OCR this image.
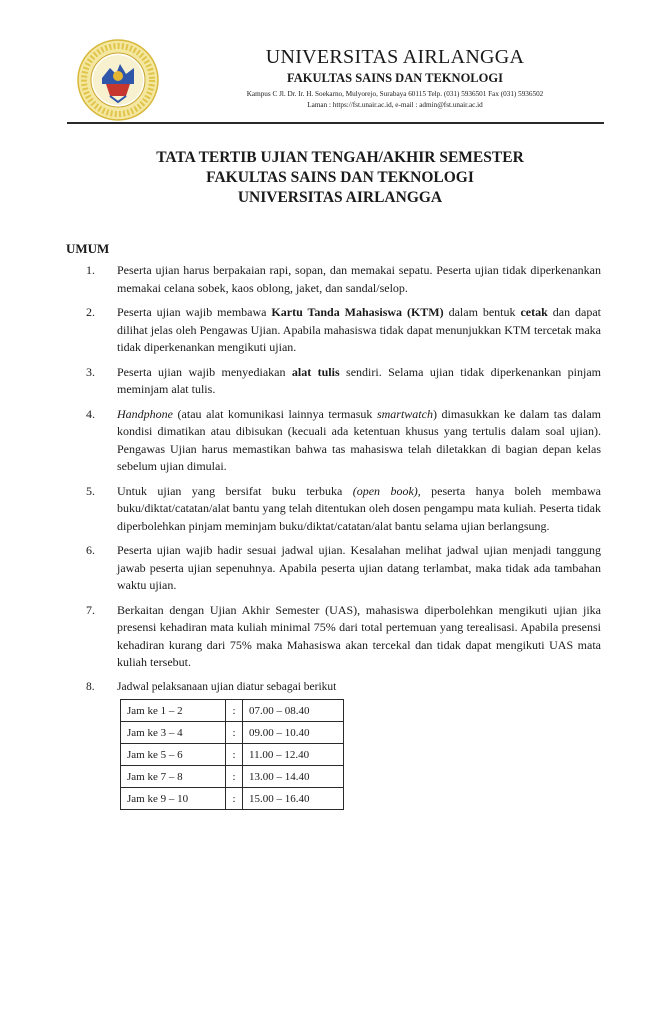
UNIVERSITAS AIRLANGGA
FAKULTAS SAINS DAN TEKNOLOGI
Kampus C Jl. Dr. Ir. H. Soekarno, Mulyorejo, Surabaya 60115 Telp. (031) 5936501 Fax (031) 5936502
Laman : https://fst.unair.ac.id, e-mail : admin@fst.unair.ac.id
TATA TERTIB UJIAN TENGAH/AKHIR SEMESTER
FAKULTAS SAINS DAN TEKNOLOGI
UNIVERSITAS AIRLANGGA
UMUM
1. Peserta ujian harus berpakaian rapi, sopan, dan memakai sepatu. Peserta ujian tidak diperkenankan memakai celana sobek, kaos oblong, jaket, dan sandal/selop.
2. Peserta ujian wajib membawa Kartu Tanda Mahasiswa (KTM) dalam bentuk cetak dan dapat dilihat jelas oleh Pengawas Ujian. Apabila mahasiswa tidak dapat menunjukkan KTM tercetak maka tidak diperkenankan mengikuti ujian.
3. Peserta ujian wajib menyediakan alat tulis sendiri. Selama ujian tidak diperkenankan pinjam meminjam alat tulis.
4. Handphone (atau alat komunikasi lainnya termasuk smartwatch) dimasukkan ke dalam tas dalam kondisi dimatikan atau dibisukan (kecuali ada ketentuan khusus yang tertulis dalam soal ujian). Pengawas Ujian harus memastikan bahwa tas mahasiswa telah diletakkan di bagian depan kelas sebelum ujian dimulai.
5. Untuk ujian yang bersifat buku terbuka (open book), peserta hanya boleh membawa buku/diktat/catatan/alat bantu yang telah ditentukan oleh dosen pengampu mata kuliah. Peserta tidak diperbolehkan pinjam meminjam buku/diktat/catatan/alat bantu selama ujian berlangsung.
6. Peserta ujian wajib hadir sesuai jadwal ujian. Kesalahan melihat jadwal ujian menjadi tanggung jawab peserta ujian sepenuhnya. Apabila peserta ujian datang terlambat, maka tidak ada tambahan waktu ujian.
7. Berkaitan dengan Ujian Akhir Semester (UAS), mahasiswa diperbolehkan mengikuti ujian jika presensi kehadiran mata kuliah minimal 75% dari total pertemuan yang terealisasi. Apabila presensi kehadiran kurang dari 75% maka Mahasiswa akan tercekal dan tidak dapat mengikuti UAS mata kuliah tersebut.
8. Jadwal pelaksanaan ujian diatur sebagai berikut
Jam ke 1 – 2	:	07.00 – 08.40
Jam ke 3 – 4	:	09.00 – 10.40
Jam ke 5 – 6	:	11.00 – 12.40
Jam ke 7 – 8	:	13.00 – 14.40
Jam ke 9 – 10	:	15.00 – 16.40
